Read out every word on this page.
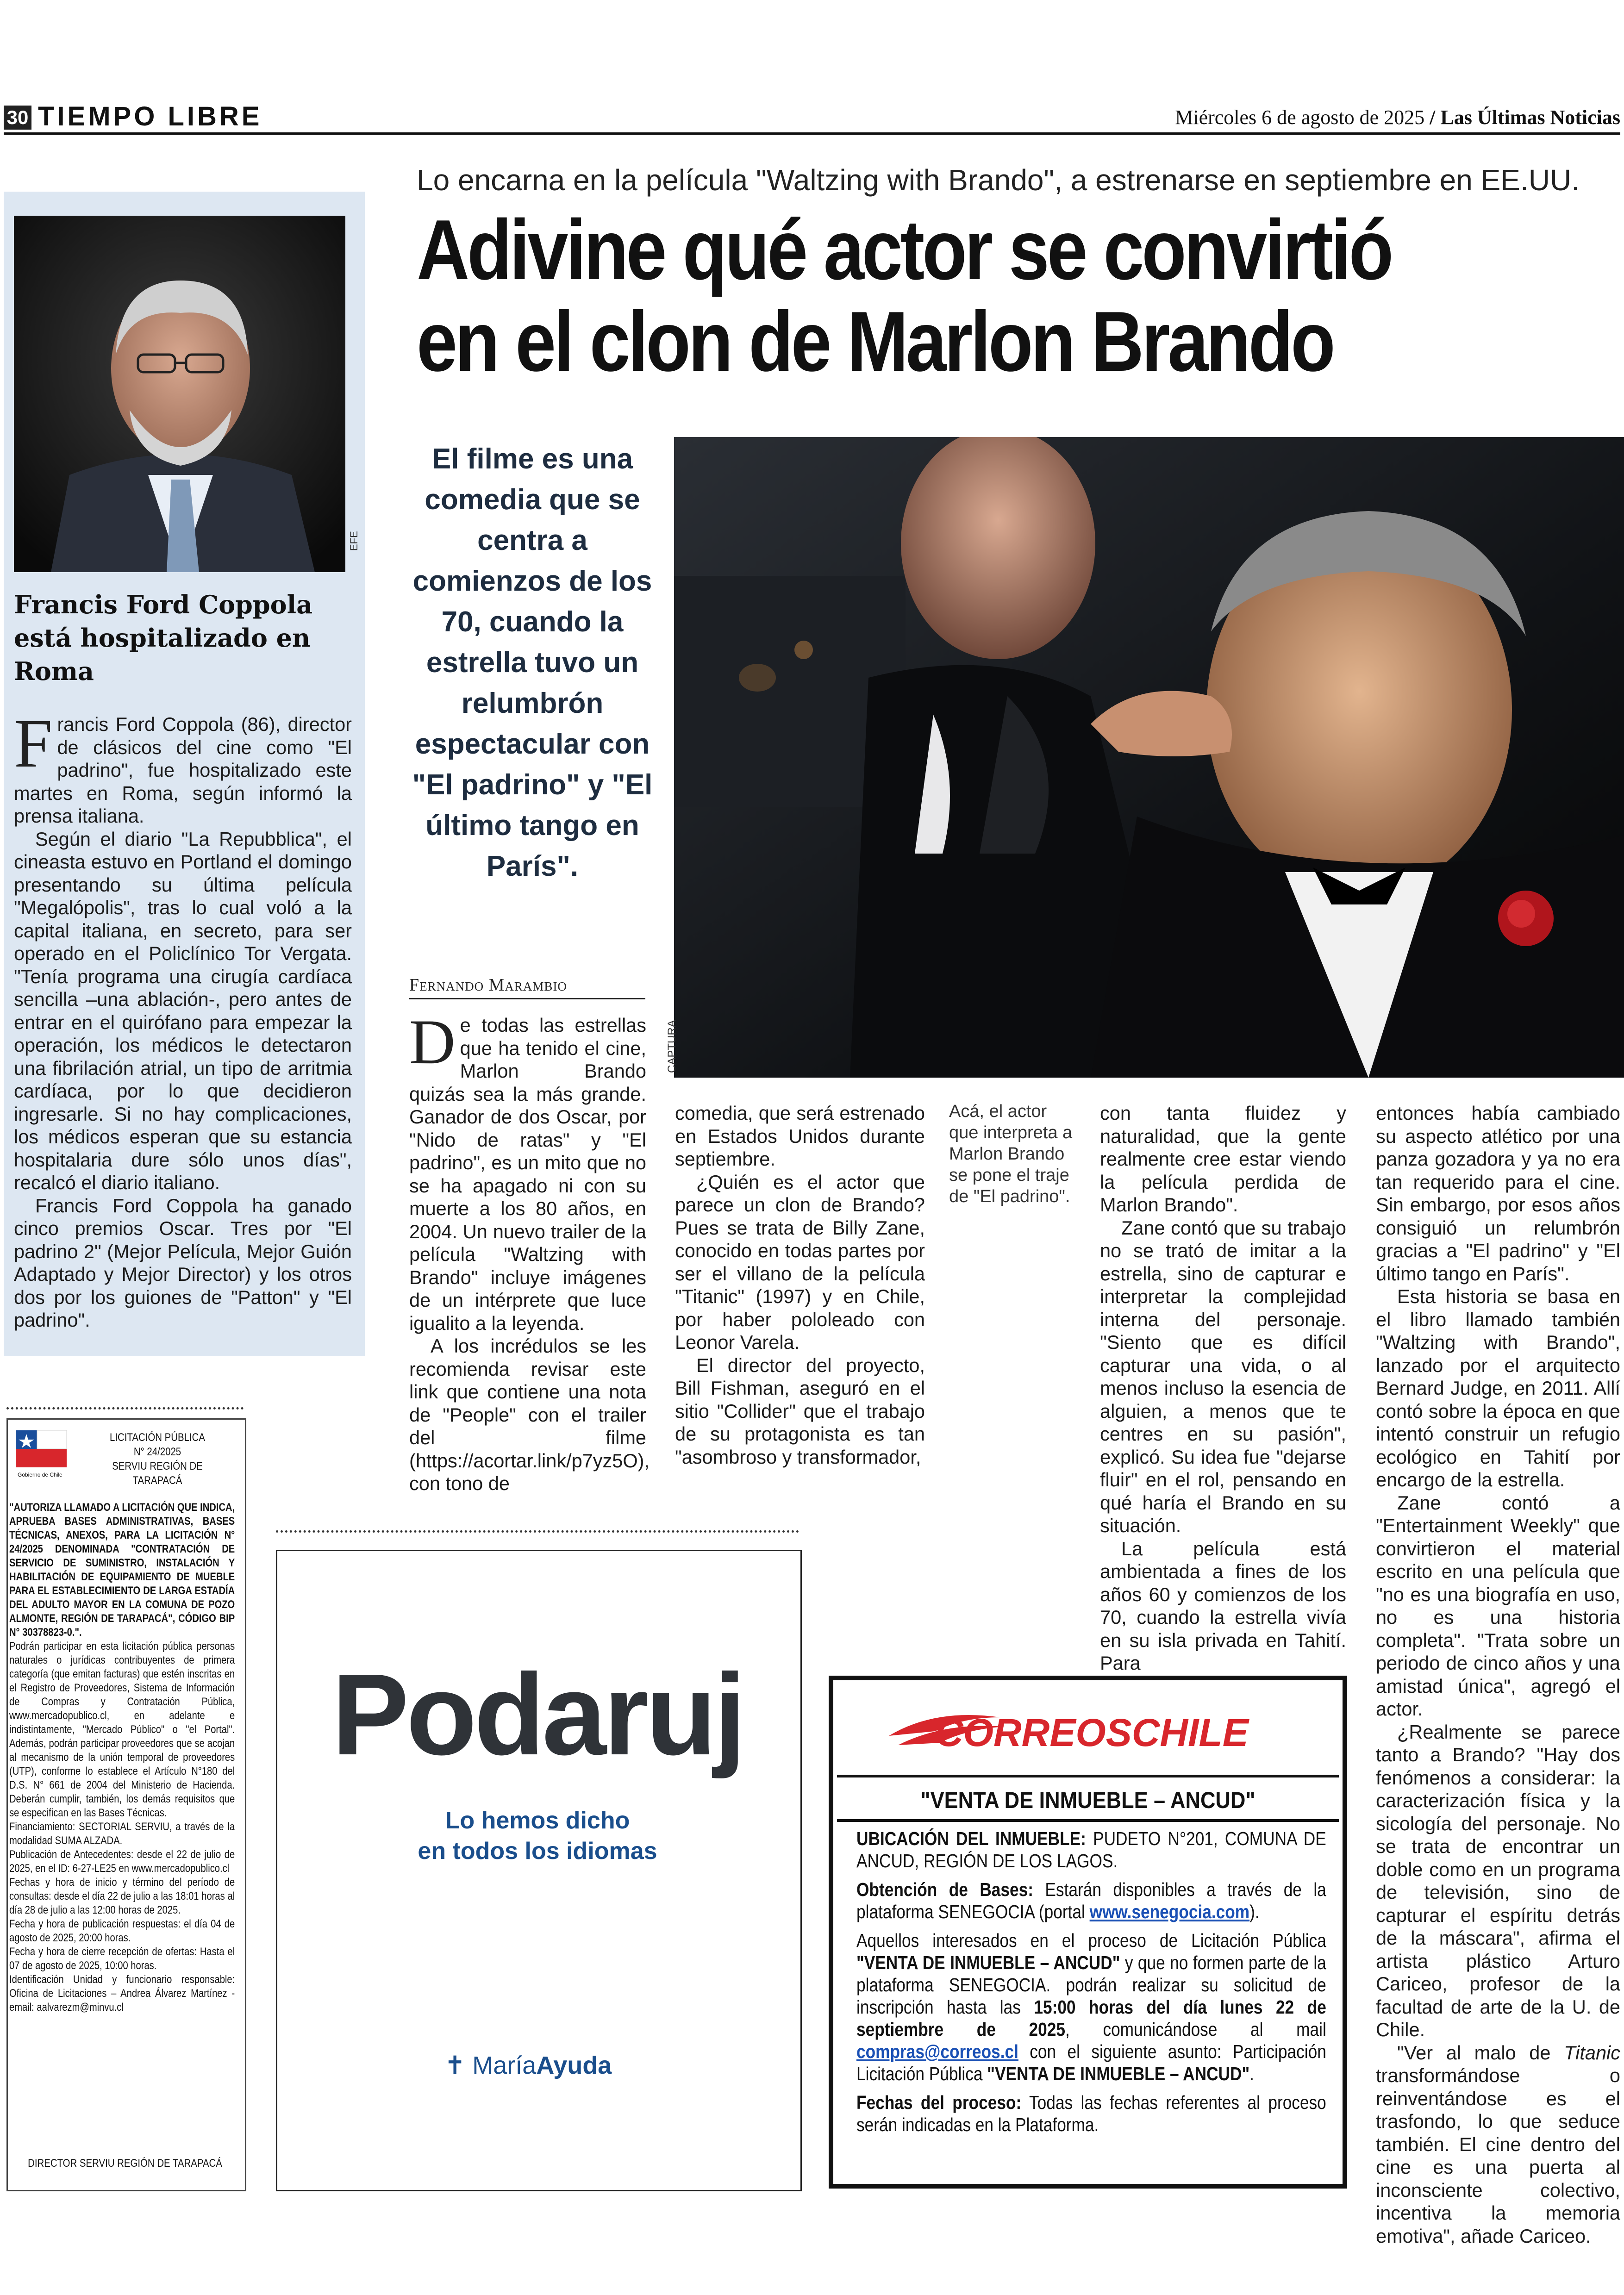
30 TIEMPO LIBRE	Miércoles 6 de agosto de 2025 / Las Últimas Noticias
EFE
Francis Ford Coppola está hospitalizado en Roma

Francis Ford Coppola (86), director de clásicos del cine como "El padrino", fue hospitalizado este martes en Roma, según informó la prensa italiana.

Según el diario "La Repubblica", el cineasta estuvo en Portland el domingo presentando su última película "Megalópolis", tras lo cual voló a la capital italiana, en secreto, para ser operado en el Policlínico Tor Vergata. "Tenía programa una cirugía cardíaca sencilla –una ablación-, pero antes de entrar en el quirófano para empezar la operación, los médicos le detectaron una fibrilación atrial, un tipo de arritmia cardíaca, por lo que decidieron ingresarle. Si no hay complicaciones, los médicos esperan que su estancia hospitalaria dure sólo unos días", recalcó el diario italiano.

Francis Ford Coppola ha ganado cinco premios Oscar. Tres por "El padrino 2" (Mejor Película, Mejor Guión Adaptado y Mejor Director) y los otros dos por los guiones de "Patton" y "El padrino".

Lo encarna en la película "Waltzing with Brando", a estrenarse en septiembre en EE.UU.
Adivine qué actor se convirtió
en el clon de Marlon Brando
El filme es una comedia que se centra a comienzos de los 70, cuando la estrella tuvo un relumbrón espectacular con "El padrino" y "El último tango en París".
CAPTURA
Fernando Marambio

De todas las estrellas que ha tenido el cine, Marlon Brando quizás sea la más grande. Ganador de dos Oscar, por "Nido de ratas" y "El padrino", es un mito que no se ha apagado ni con su muerte a los 80 años, en 2004. Un nuevo trailer de la película "Waltzing with Brando" incluye imágenes de un intérprete que luce igualito a la leyenda.

A los incrédulos se les recomienda revisar este link que contiene una nota de "People" con el trailer del filme (https://acortar.link/p7yz5O), con tono de

comedia, que será estrenado en Estados Unidos durante septiembre.

¿Quién es el actor que parece un clon de Brando? Pues se trata de Billy Zane, conocido en todas partes por ser el villano de la película "Titanic" (1997) y en Chile, por haber pololeado con Leonor Varela.

El director del proyecto, Bill Fishman, aseguró en el sitio "Collider" que el trabajo de su protagonista es tan "asombroso y transformador,

Acá, el actor que interpreta a Marlon Brando se pone el traje de "El padrino".

con tanta fluidez y naturalidad, que la gente realmente cree estar viendo la película perdida de Marlon Brando".

Zane contó que su trabajo no se trató de imitar a la estrella, sino de capturar e interpretar la complejidad interna del personaje. "Siento que es difícil capturar una vida, o al menos incluso la esencia de alguien, a menos que te centres en su pasión", explicó. Su idea fue "dejarse fluir" en el rol, pensando en qué haría el Brando en su situación.

La película está ambientada a fines de los años 60 y comienzos de los 70, cuando la estrella vivía en su isla privada en Tahití. Para

entonces había cambiado su aspecto atlético por una panza gozadora y ya no era tan requerido para el cine. Sin embargo, por esos años consiguió un relumbrón gracias a "El padrino" y "El último tango en París".

Esta historia se basa en el libro llamado también "Waltzing with Brando", lanzado por el arquitecto Bernard Judge, en 2011. Allí contó sobre la época en que intentó construir un refugio ecológico en Tahití por encargo de la estrella.

Zane contó a "Entertainment Weekly" que convirtieron el material escrito en una película que "no es una biografía en uso, no es una historia completa". "Trata sobre un periodo de cinco años y una amistad única", agregó el actor.

¿Realmente se parece tanto a Brando? "Hay dos fenómenos a considerar: la caracterización física y la sicología del personaje. No se trata de encontrar un doble como en un programa de televisión, sino de capturar el espíritu detrás de la máscara", afirma el artista plástico Arturo Cariceo, profesor de la facultad de arte de la U. de Chile.

"Ver al malo de Titanic transformándose o reinventándose es el trasfondo, lo que seduce también. El cine dentro del cine es una puerta al inconsciente colectivo, incentiva la memoria emotiva", añade Cariceo.

Gobierno de Chile
LICITACIÓN PÚBLICA
N° 24/2025
SERVIU REGIÓN DE TARAPACÁ

"AUTORIZA LLAMADO A LICITACIÓN QUE INDICA, APRUEBA BASES ADMINISTRATIVAS, BASES TÉCNICAS, ANEXOS, PARA LA LICITACIÓN N° 24/2025 DENOMINADA "CONTRATACIÓN DE SERVICIO DE SUMINISTRO, INSTALACIÓN Y HABILITACIÓN DE EQUIPAMIENTO DE MUEBLE PARA EL ESTABLECIMIENTO DE LARGA ESTADÍA DEL ADULTO MAYOR EN LA COMUNA DE POZO ALMONTE, REGIÓN DE TARAPACÁ", CÓDIGO BIP N° 30378823-0.".

Podrán participar en esta licitación pública personas naturales o jurídicas contribuyentes de primera categoría (que emitan facturas) que estén inscritas en el Registro de Proveedores, Sistema de Información de Compras y Contratación Pública, www.mercadopublico.cl, en adelante e indistintamente, "Mercado Público" o "el Portal". Además, podrán participar proveedores que se acojan al mecanismo de la unión temporal de proveedores (UTP), conforme lo establece el Artículo N°180 del D.S. N° 661 de 2004 del Ministerio de Hacienda. Deberán cumplir, también, los demás requisitos que se especifican en las Bases Técnicas.

Financiamiento: SECTORIAL SERVIU, a través de la modalidad SUMA ALZADA.

Publicación de Antecedentes: desde el 22 de julio de 2025, en el ID: 6-27-LE25 en www.mercadopublico.cl

Fechas y hora de inicio y término del período de consultas: desde el día 22 de julio a las 18:01 horas al día 28 de julio a las 12:00 horas de 2025.

Fecha y hora de publicación respuestas: el día 04 de agosto de 2025, 20:00 horas.

Fecha y hora de cierre recepción de ofertas: Hasta el 07 de agosto de 2025, 10:00 horas.

Identificación Unidad y funcionario responsable: Oficina de Licitaciones – Andrea Álvarez Martínez - email: aalvarezm@minvu.cl

DIRECTOR SERVIU REGIÓN DE TARAPACÁ
Podaruj
Lo hemos dicho
en todos los idiomas
✝ MaríaAyuda
CORREOSCHILE
"VENTA DE INMUEBLE – ANCUD"

UBICACIÓN DEL INMUEBLE: PUDETO N°201, COMUNA DE ANCUD, REGIÓN DE LOS LAGOS.

Obtención de Bases: Estarán disponibles a través de la plataforma SENEGOCIA (portal www.senegocia.com).

Aquellos interesados en el proceso de Licitación Pública "VENTA DE INMUEBLE – ANCUD" y que no formen parte de la plataforma SENEGOCIA. podrán realizar su solicitud de inscripción hasta las 15:00 horas del día lunes 22 de septiembre de 2025, comunicándose al mail compras@correos.cl con el siguiente asunto: Participación Licitación Pública "VENTA DE INMUEBLE – ANCUD".

Fechas del proceso: Todas las fechas referentes al proceso serán indicadas en la Plataforma.
